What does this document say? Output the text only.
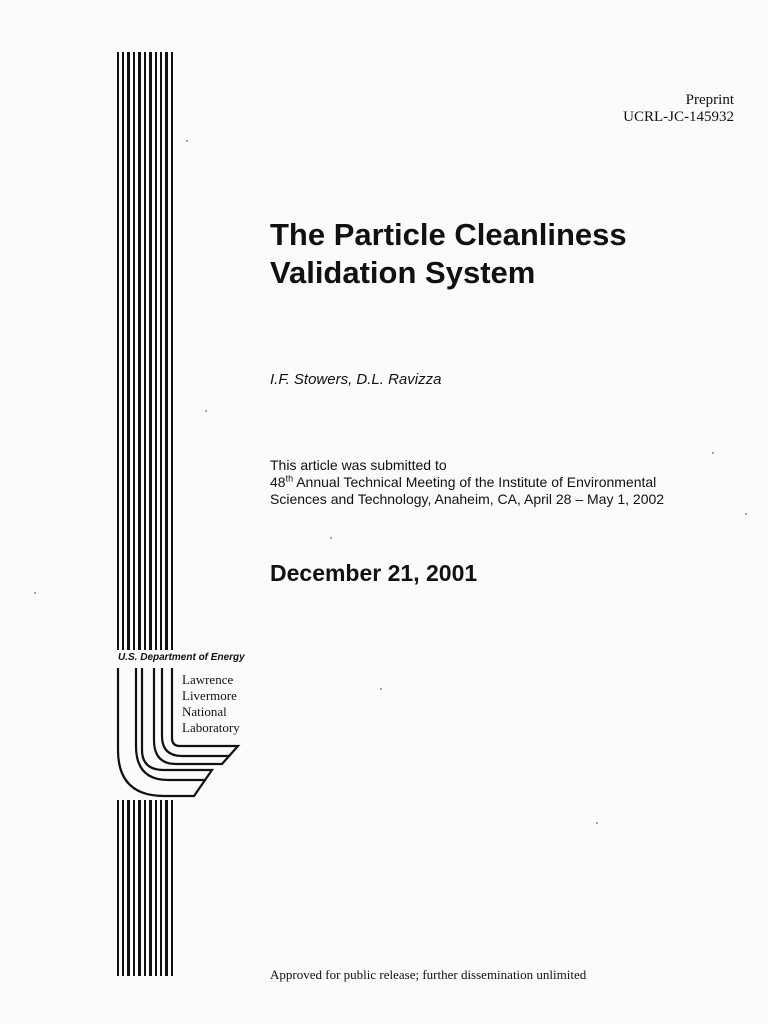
Preprint
UCRL-JC-145932
The Particle Cleanliness
Validation System
I.F. Stowers, D.L. Ravizza
This article was submitted to
48th Annual Technical Meeting of the Institute of Environmental
Sciences and Technology, Anaheim, CA, April 28 – May 1, 2002
December 21, 2001
U.S. Department of Energy
Lawrence
Livermore
National
Laboratory
Approved for public release; further dissemination unlimited
